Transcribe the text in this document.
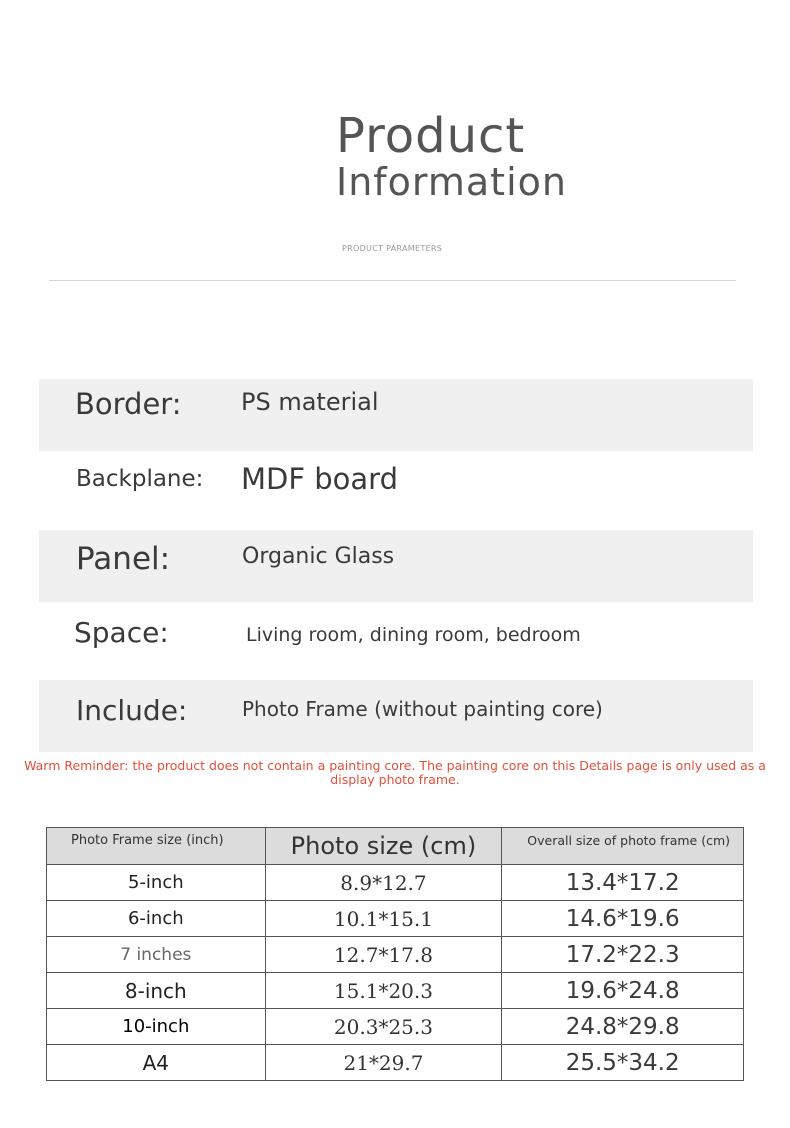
Product
Information
PRODUCT PARAMETERS
Border: PS material
Backplane: MDF board
Panel:	Organic Glass
Space:	Living room, dining room, bedroom
Include:	Photo Frame (without painting core)
Warm Reminder: the product does not contain a painting core. The painting core on this Details page is only used as a display photo frame.
Photo Frame size (inch)	Photo size (cm)	Overall size of photo frame (cm)

5-inch	8.9*12.7	13.4*17.2
6-inch	10.1*15.1	14.6*19.6
7 inches	12.7*17.8	17.2*22.3
8-inch	15.1*20.3	19.6*24.8
10-inch	20.3*25.3	24.8*29.8
A4	21*29.7	25.5*34.2
